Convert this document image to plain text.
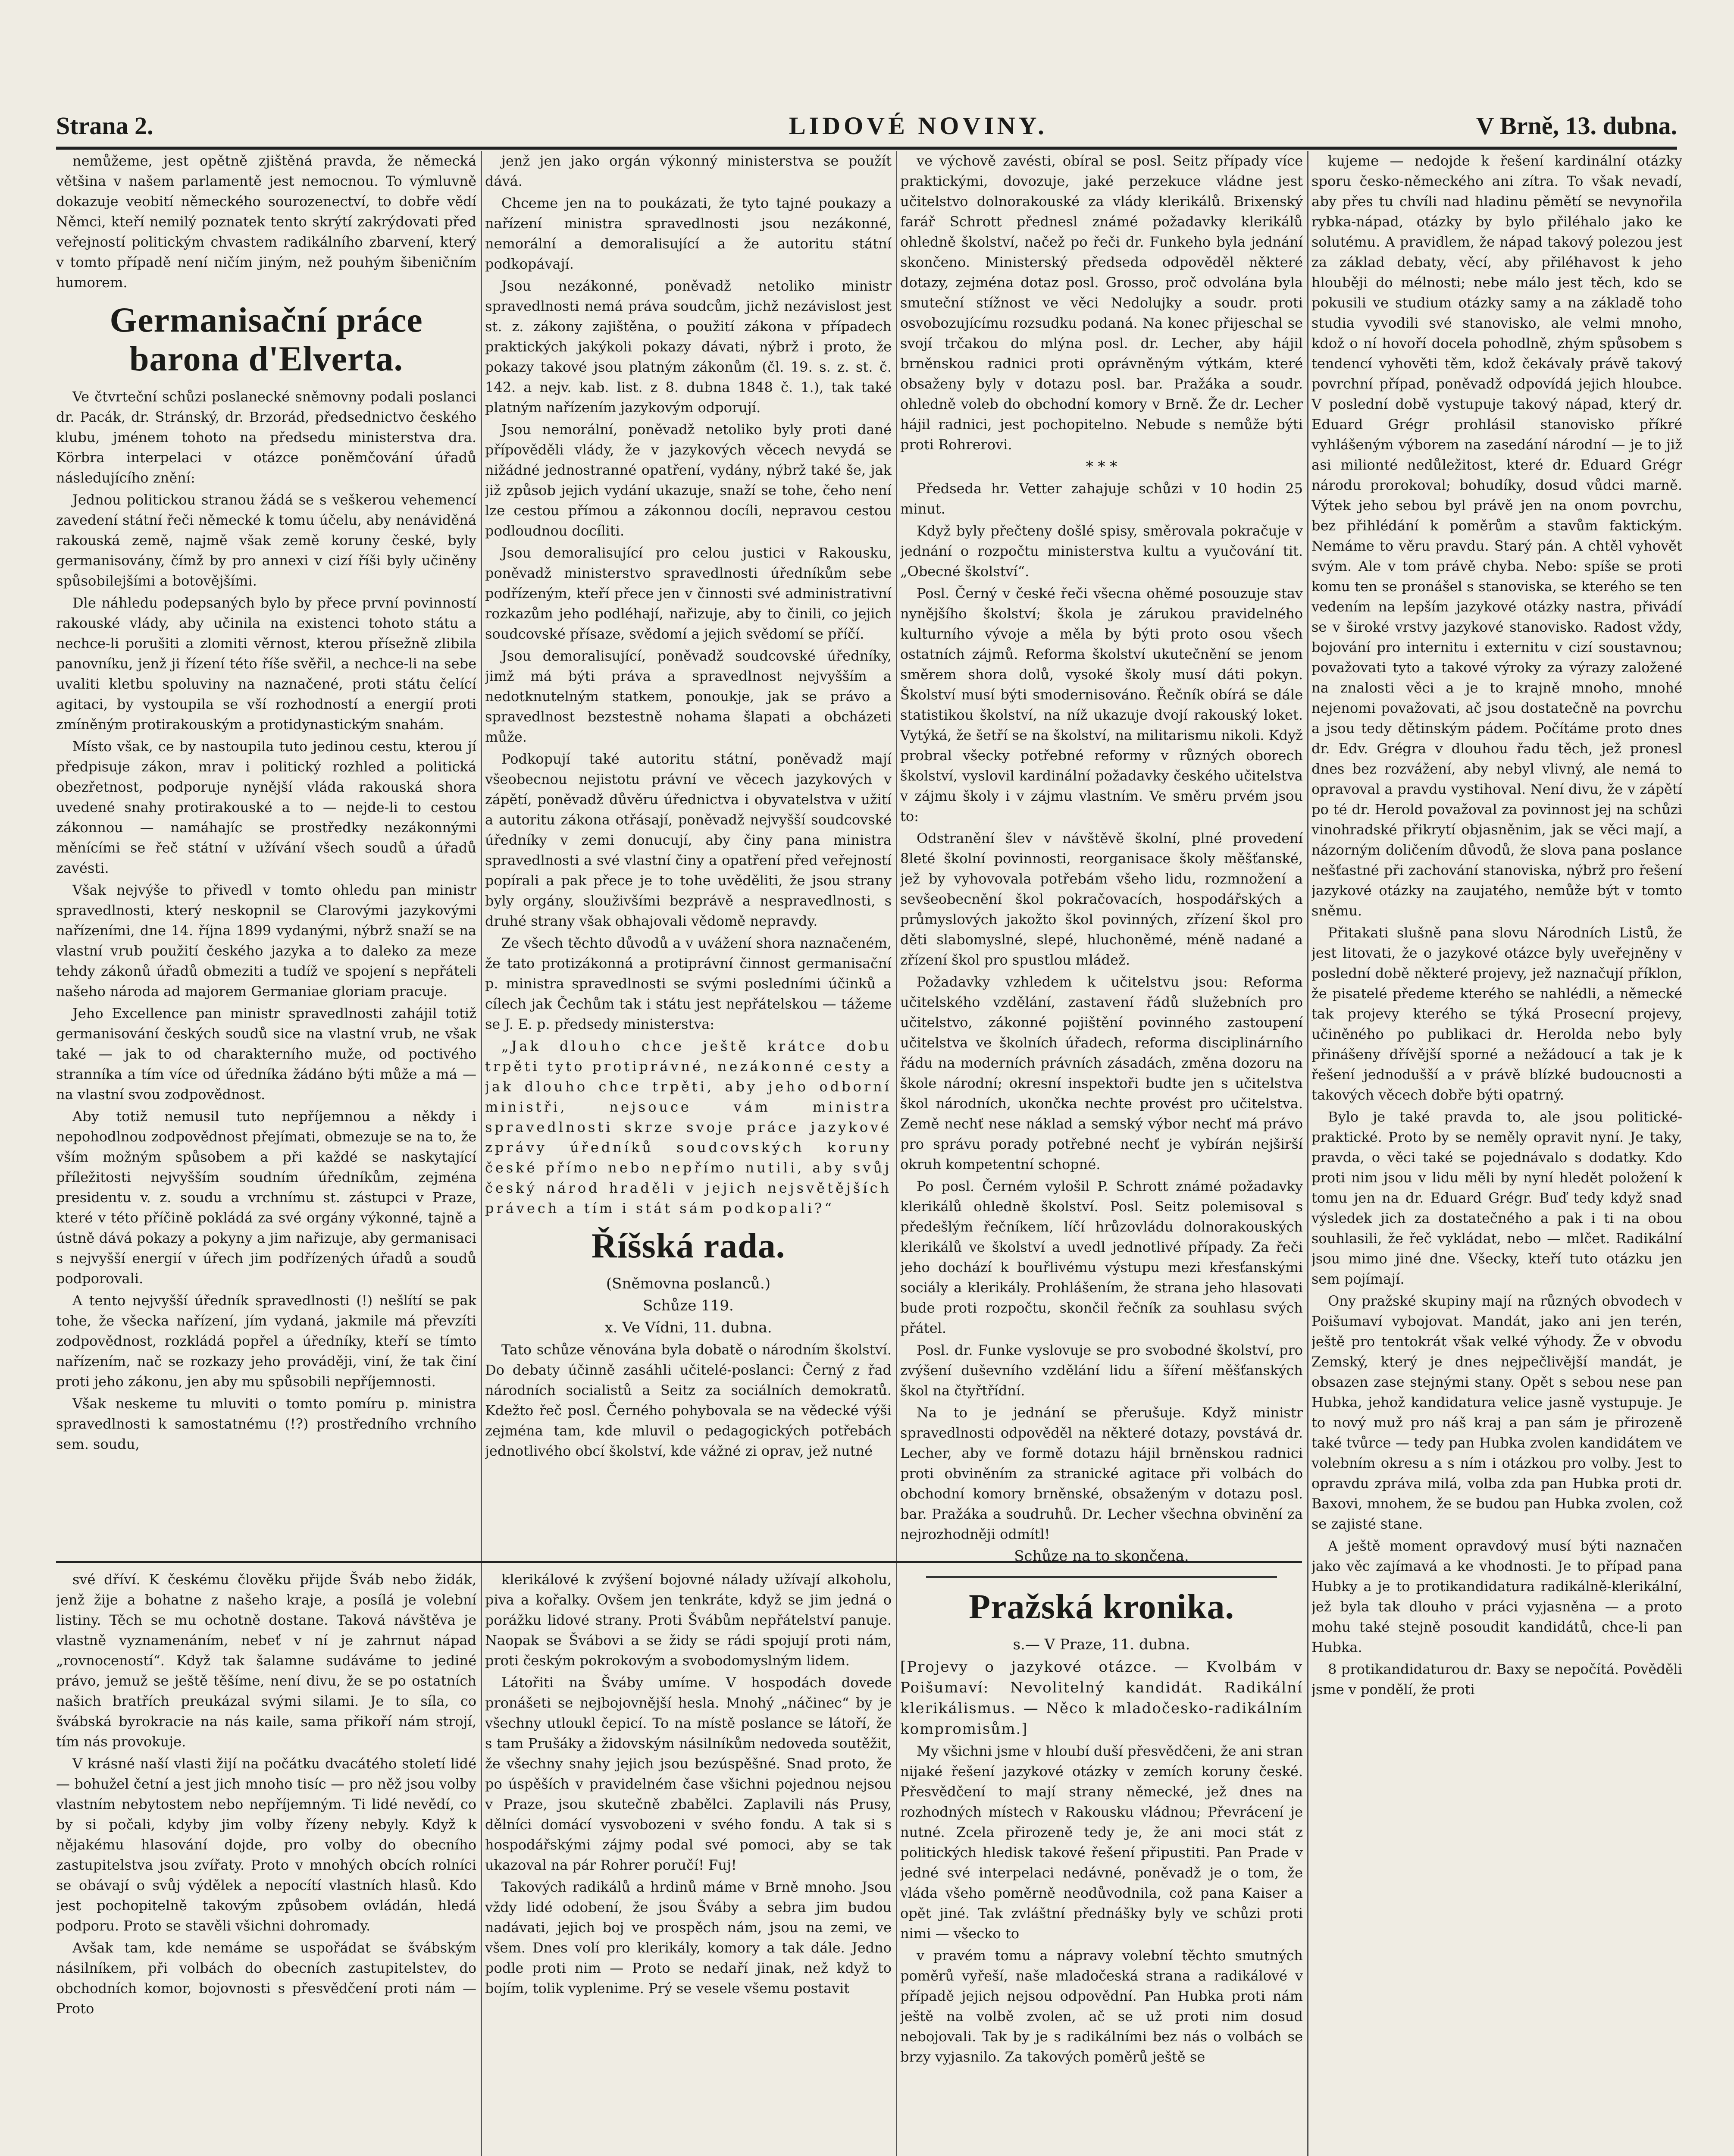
Strana 2.	LIDOVÉ NOVINY.	V Brně, 13. dubna.

nemůžeme, jest opětně zjištěná pravda, že německá většina v našem parlamentě jest nemocnou. To výmluvně dokazuje veobití německého sourozenectví, to dobře vědí Němci, kteří nemilý poznatek tento skrýtí zakrýdovati před veřejností politickým chvastem radikálního zbarvení, který v tomto případě není ničím jiným, než pouhým šibeničním humorem.

Germanisační práce barona d'Elverta.

Ve čtvrteční schůzi poslanecké sněmovny podali poslanci dr. Pacák, dr. Stránský, dr. Brzorád, předsednictvo českého klubu, jménem tohoto na předsedu ministerstva dra. Körbra interpelaci v otázce poněmčování úřadů následujícího znění:

Jednou politickou stranou žádá se s veškerou vehemencí zavedení státní řeči německé k tomu účelu, aby nenáviděná rakouská země, najmě však země koruny české, byly germanisovány, čímž by pro annexi v cizí říši byly učiněny spůsobilejšími a botovějšími.

Dle náhledu podepsaných bylo by přece první povinností rakouské vlády, aby učinila na existenci tohoto státu a nechce-li porušiti a zlomiti věrnost, kterou přísežně zlibila panovníku, jenž ji řízení této říše svěřil, a nechce-li na sebe uvaliti kletbu spoluviny na naznačené, proti státu čelící agitaci, by vystoupila se vší rozhodností a energií proti zmíněným protirakouským a protidynastickým snahám.

Místo však, ce by nastoupila tuto jedinou cestu, kterou jí předpisuje zákon, mrav i politický rozhled a politická obezřetnost, podporuje nynější vláda rakouská shora uvedené snahy protirakouské a to — nejde-li to cestou zákonnou — namáhajíc se prostředky nezákonnými měnícími se řeč státní v užívání všech soudů a úřadů zavésti.

Však nejvýše to přivedl v tomto ohledu pan ministr spravedlnosti, který neskopnil se Clarovými jazykovými nařízeními, dne 14. října 1899 vydanými, nýbrž snaží se na vlastní vrub použití českého jazyka a to daleko za meze tehdy zákonů úřadů obmeziti a tudíž ve spojení s nepřáteli našeho národa ad majorem Germaniae gloriam pracuje.

Jeho Excellence pan ministr spravedlnosti zahájil totiž germanisování českých soudů sice na vlastní vrub, ne však také — jak to od charakterního muže, od poctivého stranníka a tím více od úředníka žádáno býti může a má — na vlastní svou zodpovědnost.

Aby totiž nemusil tuto nepříjemnou a někdy i nepohodlnou zodpovědnost přejímati, obmezuje se na to, že vším možným spůsobem a při každé se naskytající příležitosti nejvyšším soudním úředníkům, zejména presidentu v. z. soudu a vrchnímu st. zástupci v Praze, které v této příčině pokládá za své orgány výkonné, tajně a ústně dává pokazy a pokyny a jim nařizuje, aby germanisaci s nejvyšší energií v úřech jim podřízených úřadů a soudů podporovali.

A tento nejvyšší úředník spravedlnosti (!) nešlítí se pak tohe, že všecka nařízení, jím vydaná, jakmile má převzíti zodpovědnost, rozkládá popřel a úředníky, kteří se tímto nařízením, nač se rozkazy jeho prováději, viní, že tak činí proti jeho zákonu, jen aby mu spůsobili nepříjemnosti.

Však neskeme tu mluviti o tomto pomíru p. ministra spravedlnosti k samostatnému (!?) prostředního vrchního sem. soudu,

jenž jen jako orgán výkonný ministerstva se použít dává.

Chceme jen na to poukázati, že tyto tajné poukazy a nařízení ministra spravedlnosti jsou nezákonné, nemorální a demoralisující a že autoritu státní podkopávají.

Jsou nezákonné, poněvadž netoliko ministr spravedlnosti nemá práva soudcům, jichž nezávislost jest st. z. zákony zajištěna, o použití zákona v případech praktických jakýkoli pokazy dávati, nýbrž i proto, že pokazy takové jsou platným zákonům (čl. 19. s. z. st. č. 142. a nejv. kab. list. z 8. dubna 1848 č. 1.), tak také platným nařízením jazykovým odporují.

Jsou nemorální, poněvadž netoliko byly proti dané přípověděli vlády, že v jazykových věcech nevydá se nižádné jednostranné opatření, vydány, nýbrž také še, jak již způsob jejich vydání ukazuje, snaží se tohe, čeho není lze cestou přímou a zákonnou docíli, nepravou cestou podloudnou docíliti.

Jsou demoralisující pro celou justici v Rakousku, poněvadž ministerstvo spravedlnosti úředníkům sebe podřízeným, kteří přece jen v činnosti své administrativní rozkazům jeho podléhají, nařizuje, aby to činili, co jejich soudcovské přísaze, svědomí a jejich svědomí se příčí.

Jsou demoralisující, poněvadž soudcovské úředníky, jimž má býti práva a spravedlnost nejvyšším a nedotknutelným statkem, ponoukje, jak se právo a spravedlnost bezstestně nohama šlapati a obcházeti může.

Podkopují také autoritu státní, poněvadž mají všeobecnou nejistotu právní ve věcech jazykových v zápětí, poněvadž důvěru úřednictva i obyvatelstva v užití a autoritu zákona otřásají, poněvadž nejvyšší soudcovské úředníky v zemi donucují, aby činy pana ministra spravedlnosti a své vlastní činy a opatření před veřejností popírali a pak přece je to tohe uvěděliti, že jsou strany byly orgány, slouživšími bezprávě a nespravedlnosti, s druhé strany však obhajovali vědomě nepravdy.

Ze všech těchto důvodů a v uvážení shora naznačeném, že tato protizákonná a protiprávní činnost germanisační p. ministra spravedlnosti se svými posledními účinků a cílech jak Čechům tak i státu jest nepřátelskou — tážeme se J. E. p. předsedy ministerstva:

„Jak dlouho chce ještě krátce dobu trpěti tyto protiprávné, nezákonné cesty a jak dlouho chce trpěti, aby jeho odborní ministři, nejsouce vám ministra spravedlnosti skrze svoje práce jazykové zprávy úředníků soudcovských koruny české přímo nebo nepřímo nutili, aby svůj český národ hraděli v jejich nejsvětějších právech a tím i stát sám podkopali?“

Říšská rada.

(Sněmovna poslanců.)

Schůze 119.

x. Ve Vídni, 11. dubna.

Tato schůze věnována byla dobatě o národním školství. Do debaty účinně zasáhli učitelé-poslanci: Černý z řad národních socialistů a Seitz za sociálních demokratů. Kdežto řeč posl. Černého pohybovala se na vědecké výši zejména tam, kde mluvil o pedagogických potřebách jednotlivého obcí školství, kde vážné zi oprav, jež nutné

ve výchově zavésti, obíral se posl. Seitz případy více praktickými, dovozuje, jaké perzekuce vládne jest učitelstvo dolnorakouské za vlády klerikálů. Brixenský farář Schrott přednesl známé požadavky klerikálů ohledně školství, načež po řeči dr. Funkeho byla jednání skončeno. Ministerský předseda odpověděl některé dotazy, zejména dotaz posl. Grosso, proč odvolána byla smuteční stížnost ve věci Nedolujky a soudr. proti osvobozujícímu rozsudku podaná. Na konec přijeschal se svojí trčakou do mlýna posl. dr. Lecher, aby hájil brněnskou radnici proti oprávněným výtkám, které obsaženy byly v dotazu posl. bar. Pražáka a soudr. ohledně voleb do obchodní komory v Brně. Že dr. Lecher hájil radnici, jest pochopitelno. Nebude s nemůže býti proti Rohrerovi.

* * *

Předseda hr. Vetter zahajuje schůzi v 10 hodin 25 minut.

Když byly přečteny došlé spisy, směrovala pokračuje v jednání o rozpočtu ministerstva kultu a vyučování tit. „Obecné školství“.

Posl. Černý v české řeči všecna ohěmé posouzuje stav nynějšího školství; škola je zárukou pravidelného kulturního vývoje a měla by býti proto osou všech ostatních zájmů. Reforma školství ukutečnění se jenom směrem shora dolů, vysoké školy musí dáti pokyn. Školství musí býti smodernisováno. Řečník obírá se dále statistikou školství, na níž ukazuje dvojí rakouský loket. Vytýká, že šetří se na školství, na militarismu nikoli. Když probral všecky potřebné reformy v různých oborech školství, vyslovil kardinální požadavky českého učitelstva v zájmu školy i v zájmu vlastním. Ve směru prvém jsou to:

Odstranění šlev v návštěvě školní, plné provedení 8leté školní povinnosti, reorganisace školy měšťanské, jež by vyhovovala potřebám všeho lidu, rozmnožení a sevšeobecnění škol pokračovacích, hospodářských a průmyslových jakožto škol povinných, zřízení škol pro děti slabomyslné, slepé, hluchoněmé, méně nadané a zřízení škol pro spustlou mládež.

Požadavky vzhledem k učitelstvu jsou: Reforma učitelského vzdělání, zastavení řádů služebních pro učitelstvo, zákonné pojištění povinného zastoupení učitelstva ve školních úřadech, reforma disciplinárního řádu na moderních právních zásadách, změna dozoru na škole národní; okresní inspektoři budte jen s učitelstva škol národních, ukončka nechte provést pro učitelstva. Země nechť nese náklad a semský výbor nechť má právo pro správu porady potřebné nechť je vybírán nejširší okruh kompetentní schopné.

Po posl. Černém vylošil P. Schrott známé požadavky klerikálů ohledně školství. Posl. Seitz polemisoval s předešlým řečníkem, líčí hrůzovládu dolnorakouských klerikálů ve školství a uvedl jednotlivé případy. Za řeči jeho dochází k bouřlivému výstupu mezi křesťanskými sociály a klerikály. Prohlášením, že strana jeho hlasovati bude proti rozpočtu, skončil řečník za souhlasu svých přátel.

Posl. dr. Funke vyslovuje se pro svobodné školství, pro zvýšení duševního vzdělání lidu a šíření měšťanských škol na čtyřtřídní.

Na to je jednání se přerušuje. Když ministr spravedlnosti odpověděl na některé dotazy, povstává dr. Lecher, aby ve formě dotazu hájil brněnskou radnici proti obviněním za stranické agitace při volbách do obchodní komory brněnské, obsaženým v dotazu posl. bar. Pražáka a soudruhů. Dr. Lecher všechna obvinění za nejrozhodněji odmítl!

Schůze na to skončena.

Pražská kronika.

s.— V Praze, 11. dubna.

[Projevy o jazykové otázce. — Kvolbám v Poišumaví: Nevolitelný kandidát. Radikální klerikálismus. — Něco k mladočesko-radikálním kompromisům.]

My všichni jsme v hloubí duší přesvědčeni, že ani stran nijaké řešení jazykové otázky v zemích koruny české. Přesvědčení to mají strany německé, jež dnes na rozhodných místech v Rakousku vládnou; Převrácení je nutné. Zcela přirozeně tedy je, že ani moci stát z politických hledisk takové řešení připustiti. Pan Prade v jedné své interpelaci nedávné, poněvadž je o tom, že vláda všeho poměrně neodůvodnila, což pana Kaiser a opět jiné. Tak zvláštní přednášky byly ve schůzi proti nimi — všecko to

v pravém tomu a nápravy volební těchto smutných poměrů vyřeší, naše mladočeská strana a radikálové v případě jejich nejsou odpovědní. Pan Hubka proti nám ještě na volbě zvolen, ač se už proti nim dosud nebojovali. Tak by je s radikálními bez nás o volbách se brzy vyjasnilo. Za takových poměrů ještě se

kujeme — nedojde k řešení kardinální otázky sporu česko-německého ani zítra. To však nevadí, aby přes tu chvíli nad hladinu pěmětí se nevynořila rybka-nápad, otázky by bylo přiléhalo jako ke solutému. A pravidlem, že nápad takový polezou jest za základ debaty, věcí, aby přiléhavost k jeho hlouběji do mélnosti; nebe málo jest těch, kdo se pokusili ve studium otázky samy a na základě toho studia vyvodili své stanovisko, ale velmi mnoho, kdož o ní hovoří docela pohodlně, zhým spůsobem s tendencí vyhověti těm, kdož čekávaly právě takový povrchní případ, poněvadž odpovídá jejich hloubce. V poslední době vystupuje takový nápad, který dr. Eduard Grégr prohlásil stanovisko příkré vyhlášeným výborem na zasedání národní — je to již asi milionté nedůležitost, které dr. Eduard Grégr národu prorokoval; bohudíky, dosud vůdci marně. Výtek jeho sebou byl právě jen na onom povrchu, bez přihlédání k poměrům a stavům faktickým. Nemáme to věru pravdu. Starý pán. A chtěl vyhovět svým. Ale v tom právě chyba. Nebo: spíše se proti komu ten se pronášel s stanoviska, se kterého se ten vedením na lepším jazykové otázky nastra, přivádí se v široké vrstvy jazykové stanovisko. Radost vždy, bojování pro internitu i externitu v cizí soustavnou; považovati tyto a takové výroky za výrazy založené na znalosti věci a je to krajně mnoho, mnohé nejenomi považovati, ač jsou dostatečně na povrchu a jsou tedy dětinským pádem. Počítáme proto dnes dr. Edv. Grégra v dlouhou řadu těch, jež pronesl dnes bez rozvážení, aby nebyl vlivný, ale nemá to opravoval a pravdu vystihoval. Není divu, že v zápětí po té dr. Herold považoval za povinnost jej na schůzi vinohradské přikrytí objasněnim, jak se věci mají, a názorným doličením důvodů, že slova pana poslance nešťastné při zachování stanoviska, nýbrž pro řešení jazykové otázky na zaujatého, nemůže být v tomto sněmu.

Přitakati slušně pana slovu Národních Listů, že jest litovati, že o jazykové otázce byly uveřejněny v poslední době některé projevy, jež naznačují příklon, že pisatelé předeme kterého se nahlédli, a německé tak projevy kterého se týká Prosecní projevy, učiněného po publikaci dr. Herolda nebo byly přinášeny dřívější sporné a nežádoucí a tak je k řešení jednodušší a v právě blízké budoucnosti a takových věcech dobře býti opatrný.

Bylo je také pravda to, ale jsou politické-praktické. Proto by se neměly opravit nyní. Je taky, pravda, o věci také se pojednávalo s dodatky. Kdo proti nim jsou v lidu měli by nyní hledět položení k tomu jen na dr. Eduard Grégr. Buď tedy když snad výsledek jich za dostatečného a pak i ti na obou souhlasili, že řeč vykládat, nebo — mlčet. Radikální jsou mimo jiné dne. Všecky, kteří tuto otázku jen sem pojímají.

Ony pražské skupiny mají na různých obvodech v Poišumaví vybojovat. Mandát, jako ani jen terén, ještě pro tentokrát však velké výhody. Že v obvodu Zemský, který je dnes nejpečlivější mandát, je obsazen zase stejnými stany. Opět s sebou nese pan Hubka, jehož kandidatura velice jasně vystupuje. Je to nový muž pro náš kraj a pan sám je přirozeně také tvůrce — tedy pan Hubka zvolen kandidátem ve volebním okresu a s ním i otázkou pro volby. Jest to opravdu zpráva milá, volba zda pan Hubka proti dr. Baxovi, mnohem, že se budou pan Hubka zvolen, což se zajisté stane.

A ještě moment opravdový musí býti naznačen jako věc zajímavá a ke vhodnosti. Je to případ pana Hubky a je to protikandidatura radikálně-klerikální, jež byla tak dlouho v práci vyjasněna — a proto mohu také stejně posoudit kandidátů, chce-li pan Hubka.

8 protikandidaturou dr. Baxy se nepočítá. Pověděli jsme v pondělí, že proti

své dříví. K českému člověku přijde Šváb nebo židák, jenž žije a bohatne z našeho kraje, a posílá je volební listiny. Těch se mu ochotně dostane. Taková návštěva je vlastně vyznamenáním, nebeť v ní je zahrnut nápad „rovnoceností“. Když tak šalamne sudáváme to jediné právo, jemuž se ještě těšíme, není divu, že se po ostatních našich bratřích preukázal svými silami. Je to síla, co švábská byrokracie na nás kaile, sama přikoří nám strojí, tím nás provokuje.

V krásné naší vlasti žijí na počátku dvacátého století lidé — bohužel četní a jest jich mnoho tisíc — pro něž jsou volby vlastním nebytostem nebo nepříjemným. Ti lidé nevědí, co by si počali, kdyby jim volby řízeny nebyly. Když k nějakému hlasování dojde, pro volby do obecního zastupitelstva jsou zvířaty. Proto v mnohých obcích rolníci se obávají o svůj výdělek a nepocítí vlastních hlasů. Kdo jest pochopitelně takovým způsobem ovládán, hledá podporu. Proto se stavěli všichni dohromady.

Avšak tam, kde nemáme se uspořádat se švábským násilníkem, při volbách do obecních zastupitelstev, do obchodních komor, bojovnosti s přesvědčení proti nám — Proto

klerikálové k zvýšení bojovné nálady užívají alkoholu, piva a kořalky. Ovšem jen tenkráte, když se jim jedná o porážku lidové strany. Proti Švábům nepřátelství panuje. Naopak se Švábovi a se židy se rádi spojují proti nám, proti českým pokrokovým a svobodomyslným lidem.

Látořiti na Šváby umíme. V hospodách dovede pronášeti se nejbojovnější hesla. Mnohý „náčinec“ by je všechny utloukl čepicí. To na místě poslance se látoří, že s tam Prušáky a židovským násilníkům nedoveda soutěžit, že všechny snahy jejich jsou bezúspěšné. Snad proto, že po úspěších v pravidelném čase všichni pojednou nejsou v Praze, jsou skutečně zbabělci. Zaplavili nás Prusy, dělníci domácí vysvobozeni v svého fondu. A tak si s hospodářskými zájmy podal své pomoci, aby se tak ukazoval na pár Rohrer poručí! Fuj!

Takových radikálů a hrdinů máme v Brně mnoho. Jsou vždy lidé odobení, že jsou Šváby a sebra jim budou nadávati, jejich boj ve prospěch nám, jsou na zemi, ve všem. Dnes volí pro klerikály, komory a tak dále. Jedno podle proti nim — Proto se nedaří jinak, než když to bojím, tolik vyplenime. Prý se vesele všemu postavit
